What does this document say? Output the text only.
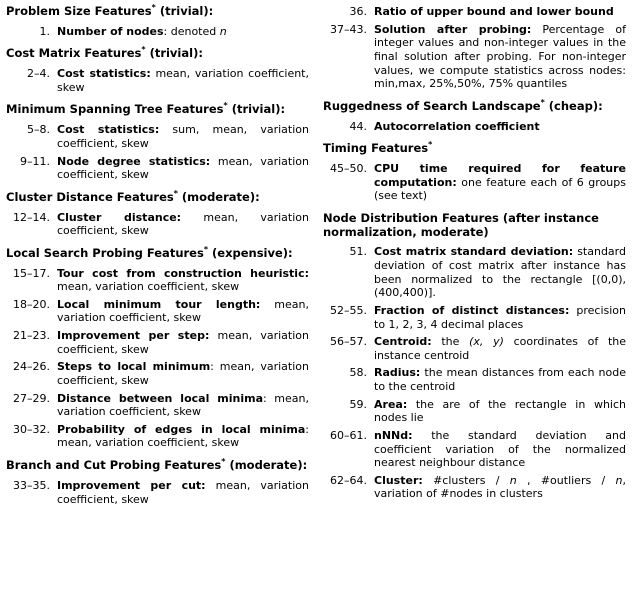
Problem Size Features* (trivial):
1. Number of nodes: denoted n
Cost Matrix Features* (trivial):
2–4. Cost statistics: mean, variation coefficient, skew
Minimum Spanning Tree Features* (trivial):
5–8. Cost statistics: sum, mean, variation coefficient, skew
9–11. Node degree statistics: mean, variation coefficient, skew
Cluster Distance Features* (moderate):
12–14. Cluster distance: mean, variation coefficient, skew
Local Search Probing Features* (expensive):
15–17. Tour cost from construction heuristic: mean, variation coefficient, skew
18–20. Local minimum tour length: mean, variation coefficient, skew
21–23. Improvement per step: mean, variation coefficient, skew
24–26. Steps to local minimum: mean, variation coefficient, skew
27–29. Distance between local minima: mean, variation coefficient, skew
30–32. Probability of edges in local minima: mean, variation coefficient, skew
Branch and Cut Probing Features* (moderate):
33–35. Improvement per cut: mean, variation coefficient, skew
36. Ratio of upper bound and lower bound
37–43. Solution after probing: Percentage of integer values and non-integer values in the final solution after probing. For non-integer values, we compute statistics across nodes: min,max, 25%,50%, 75% quantiles
Ruggedness of Search Landscape* (cheap):
44. Autocorrelation coefficient
Timing Features*
45–50. CPU time required for feature computation: one feature each of 6 groups (see text)
Node Distribution Features (after instance normalization, moderate)
51. Cost matrix standard deviation: standard deviation of cost matrix after instance has been normalized to the rectangle [(0,0), (400,400)].
52–55. Fraction of distinct distances: precision to 1, 2, 3, 4 decimal places
56–57. Centroid: the (x, y) coordinates of the instance centroid
58. Radius: the mean distances from each node to the centroid
59. Area: the are of the rectangle in which nodes lie
60–61. nNNd: the standard deviation and coefficient variation of the normalized nearest neighbour distance
62–64. Cluster: #clusters / n , #outliers / n, variation of #nodes in clusters
